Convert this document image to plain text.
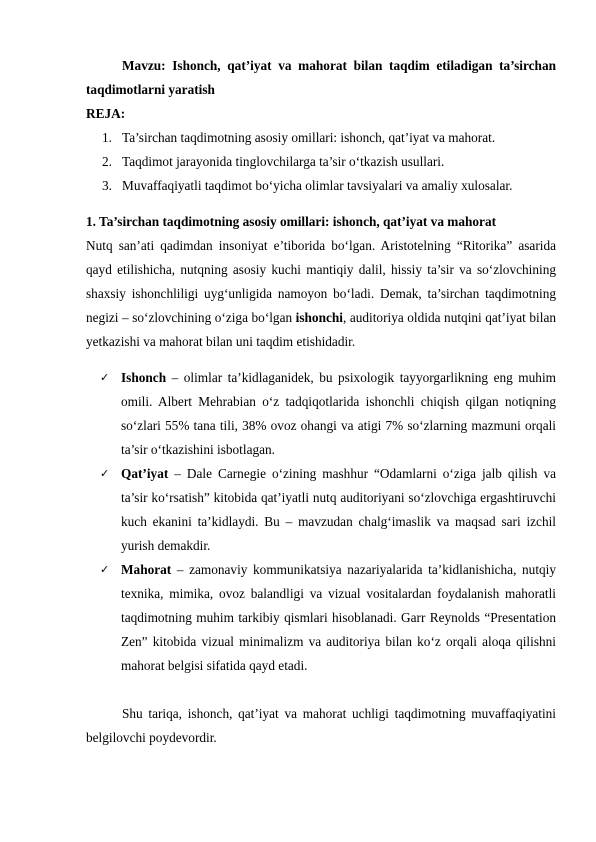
Mavzu: Ishonch, qat’iyat va mahorat bilan taqdim etiladigan ta’sirchan taqdimotlarni yaratish
REJA:
1. Ta’sirchan taqdimotning asosiy omillari: ishonch, qat’iyat va mahorat.
2. Taqdimot jarayonida tinglovchilarga ta’sir o‘tkazish usullari.
3. Muvaffaqiyatli taqdimot bo‘yicha olimlar tavsiyalari va amaliy xulosalar.
1. Ta’sirchan taqdimotning asosiy omillari: ishonch, qat’iyat va mahorat
Nutq san’ati qadimdan insoniyat e’tiborida bo‘lgan. Aristotelning “Ritorika” asarida qayd etilishicha, nutqning asosiy kuchi mantiqiy dalil, hissiy ta’sir va so‘zlovchining shaxsiy ishonchliligi uyg‘unligida namoyon bo‘ladi. Demak, ta’sirchan taqdimotning negizi – so‘zlovchining o‘ziga bo‘lgan ishonchi, auditoriya oldida nutqini qat’iyat bilan yetkazishi va mahorat bilan uni taqdim etishidadir.
✓ Ishonch – olimlar ta’kidlaganidek, bu psixologik tayyorgarlikning eng muhim omili. Albert Mehrabian o‘z tadqiqotlarida ishonchli chiqish qilgan notiqning so‘zlari 55% tana tili, 38% ovoz ohangi va atigi 7% so‘zlarning mazmuni orqali ta’sir o‘tkazishini isbotlagan.
✓ Qat’iyat – Dale Carnegie o‘zining mashhur “Odamlarni o‘ziga jalb qilish va ta’sir ko‘rsatish” kitobida qat’iyatli nutq auditoriyani so‘zlovchiga ergashtiruvchi kuch ekanini ta’kidlaydi. Bu – mavzudan chalg‘imaslik va maqsad sari izchil yurish demakdir.
✓ Mahorat – zamonaviy kommunikatsiya nazariyalarida ta’kidlanishicha, nutqiy texnika, mimika, ovoz balandligi va vizual vositalardan foydalanish mahoratli taqdimotning muhim tarkibiy qismlari hisoblanadi. Garr Reynolds “Presentation Zen” kitobida vizual minimalizm va auditoriya bilan ko‘z orqali aloqa qilishni mahorat belgisi sifatida qayd etadi.
Shu tariqa, ishonch, qat’iyat va mahorat uchligi taqdimotning muvaffaqiyatini belgilovchi poydevordir.
